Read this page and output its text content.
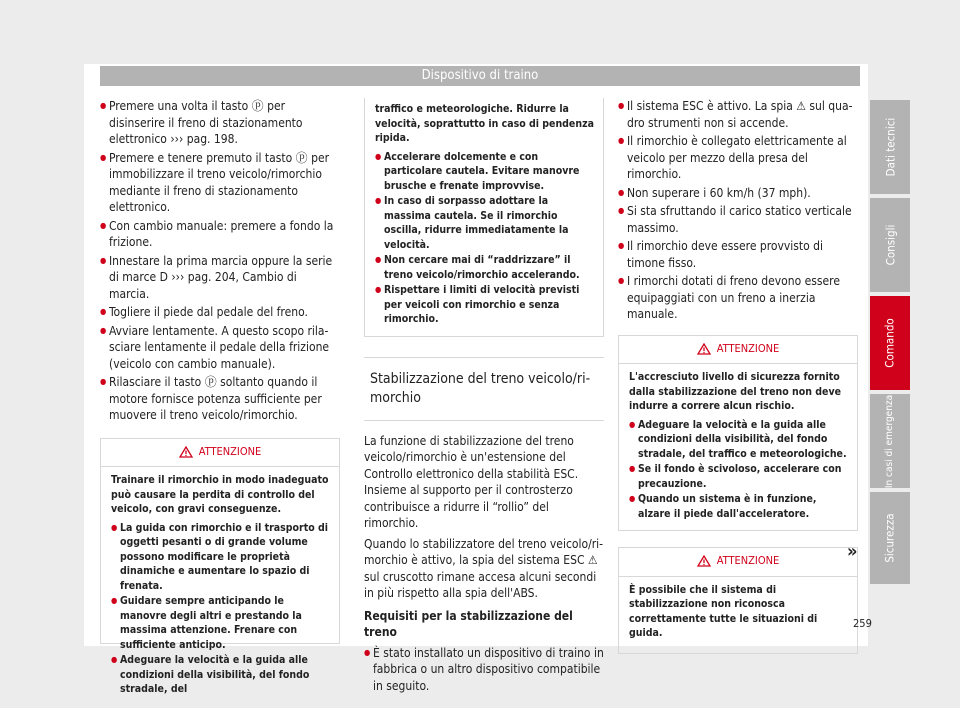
Dispositivo di traino
● Premere una volta il tasto ⓟ per disinserire il freno di stazionamento elettronico ››› pag. 198.
● Premere e tenere premuto il tasto ⓟ per immobilizzare il treno veicolo/rimorchio mediante il freno di stazionamento elettronico.
● Con cambio manuale: premere a fondo la frizione.
● Innestare la prima marcia oppure la serie di marce D ››› pag. 204, Cambio di marcia.
● Togliere il piede dal pedale del freno.
● Avviare lentamente. A questo scopo rilasciare lentamente il pedale della frizione (veicolo con cambio manuale).
● Rilasciare il tasto ⓟ soltanto quando il motore fornisce potenza sufficiente per muovere il treno veicolo/rimorchio.
ATTENZIONE

Trainare il rimorchio in modo inadeguato può causare la perdita di controllo del veicolo, con gravi conseguenze.

● La guida con rimorchio e il trasporto di oggetti pesanti o di grande volume possono modificare le proprietà dinamiche e aumentare lo spazio di frenata.
● Guidare sempre anticipando le manovre degli altri e prestando la massima attenzione. Frenare con sufficiente anticipo.
● Adeguare la velocità e la guida alle condizioni della visibilità, del fondo stradale, del

traffico e meteorologiche. Ridurre la velocità, soprattutto in caso di pendenza ripida.

● Accelerare dolcemente e con particolare cautela. Evitare manovre brusche e frenate improvvise.
● In caso di sorpasso adottare la massima cautela. Se il rimorchio oscilla, ridurre immediatamente la velocità.
● Non cercare mai di “raddrizzare” il treno veicolo/rimorchio accelerando.
● Rispettare i limiti di velocità previsti per veicoli con rimorchio e senza rimorchio.
Stabilizzazione del treno veicolo/rimorchio

La funzione di stabilizzazione del treno veicolo/rimorchio è un'estensione del Controllo elettronico della stabilità ESC. Insieme al supporto per il controsterzo contribuisce a ridurre il “rollio” del rimorchio.

Quando lo stabilizzatore del treno veicolo/rimorchio è attivo, la spia del sistema ESC ⚠ sul cruscotto rimane accesa alcuni secondi in più rispetto alla spia dell'ABS.

Requisiti per la stabilizzazione del treno

● È stato installato un dispositivo di traino in fabbrica o un altro dispositivo compatibile in seguito.
● Il sistema ESC è attivo. La spia ⚠ sul quadro strumenti non si accende.
● Il rimorchio è collegato elettricamente al veicolo per mezzo della presa del rimorchio.
● Non superare i 60 km/h (37 mph).
● Si sta sfruttando il carico statico verticale massimo.
● Il rimorchio deve essere provvisto di timone fisso.
● I rimorchi dotati di freno devono essere equipaggiati con un freno a inerzia manuale.
ATTENZIONE

L'accresciuto livello di sicurezza fornito dalla stabilizzazione del treno non deve indurre a correre alcun rischio.

● Adeguare la velocità e la guida alle condizioni della visibilità, del fondo stradale, del traffico e meteorologiche.
● Se il fondo è scivoloso, accelerare con precauzione.
● Quando un sistema è in funzione, alzare il piede dall'acceleratore.
ATTENZIONE

È possibile che il sistema di stabilizzazione non riconosca correttamente tutte le situazioni di guida.

»
Dati tecnici
Consigli
Comando
In casi di emergenza
Sicurezza
259
